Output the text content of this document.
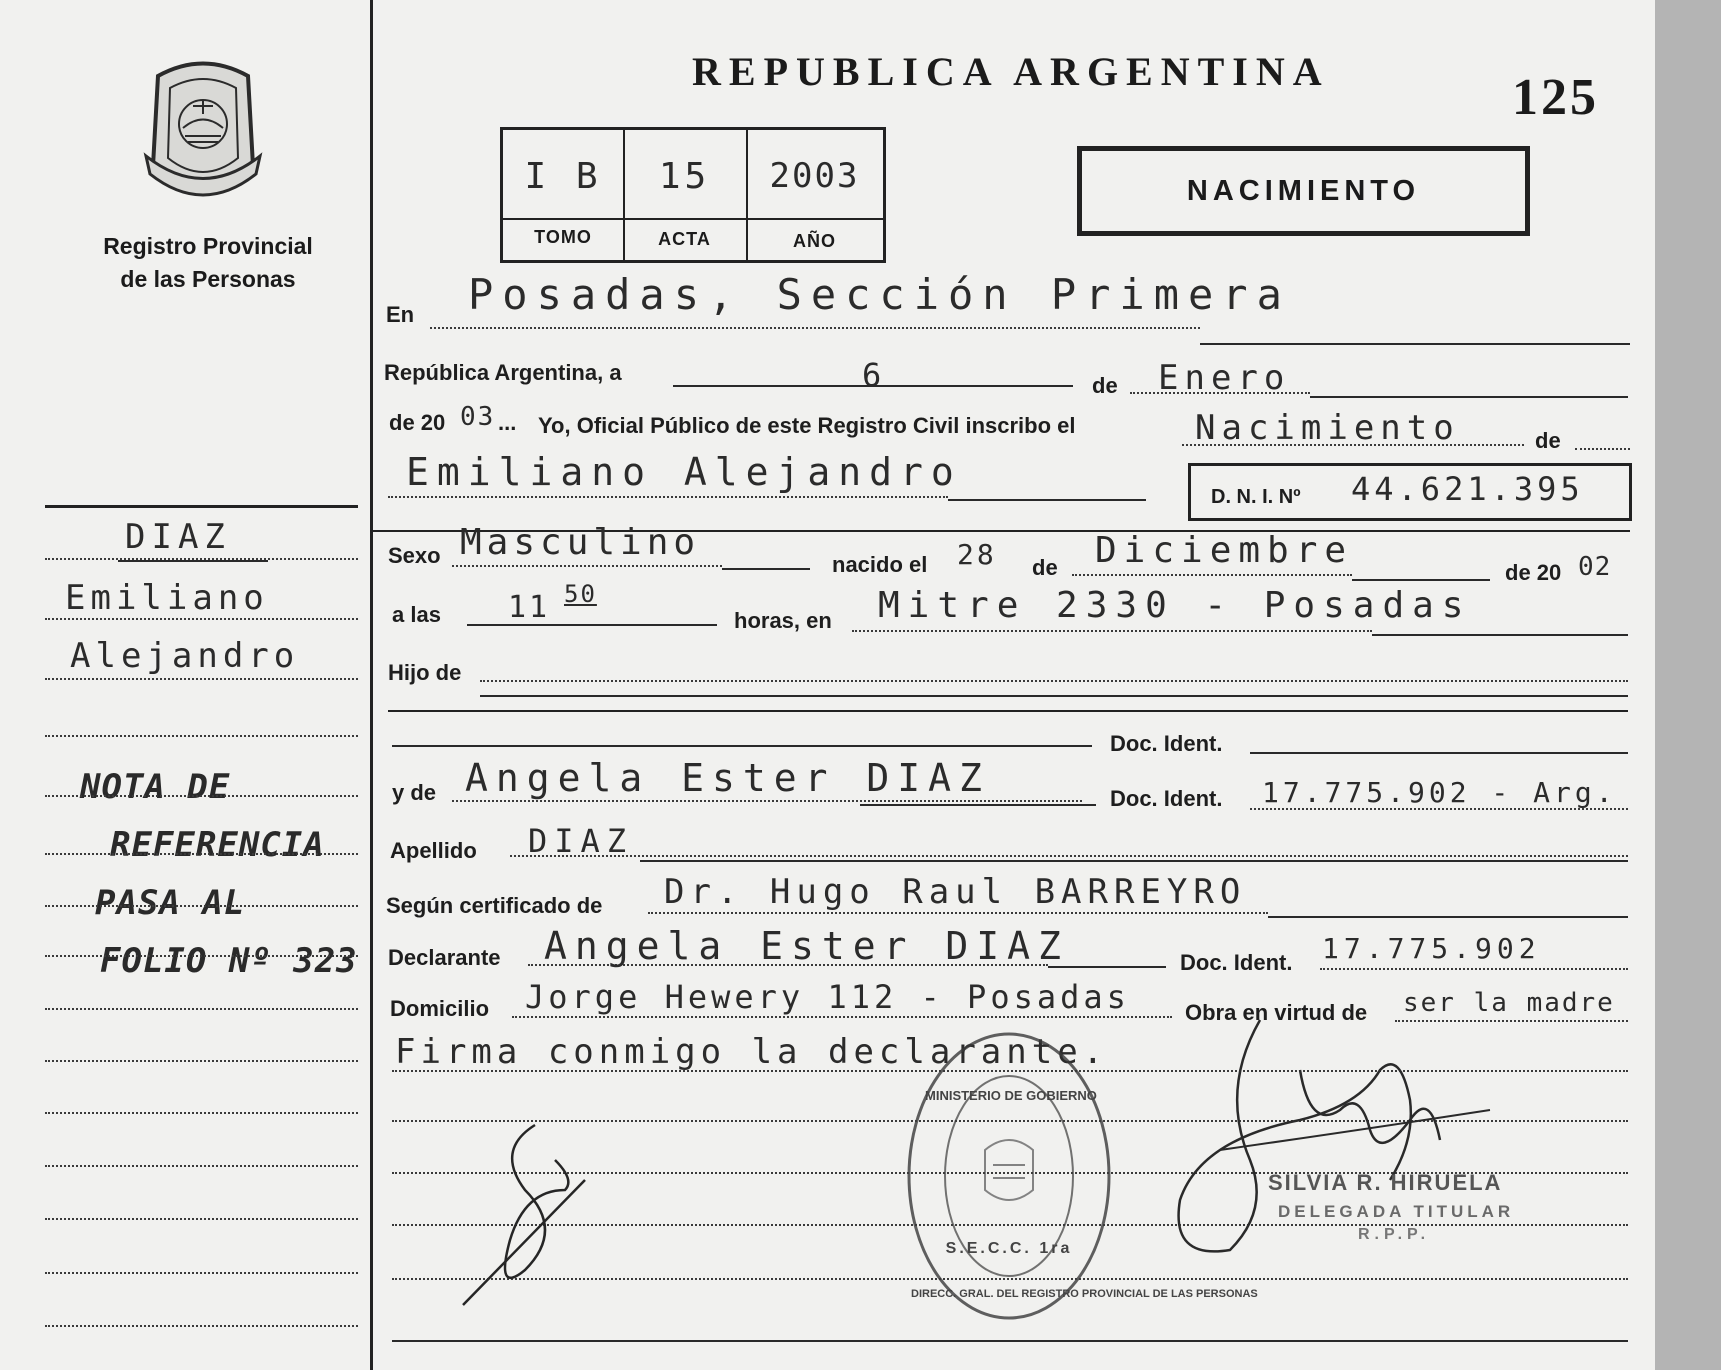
Registro Provincial
de las Personas
DIAZ
Emiliano
Alejandro
NOTA DE
REFERENCIA
PASA AL
FOLIO Nº 323
REPUBLICA ARGENTINA	125
I B	15	2003
TOMO	ACTA	AÑO
NACIMIENTO
En Posadas, Sección Primera
República Argentina, a	6	de Enero
de 20 03 ... Yo, Oficial Público de este Registro Civil inscribo el	Nacimiento	de
Emiliano Alejandro
D. N. I. Nº 44.621.395
Sexo Masculino
nacido el 28 de Diciembre
de 20 02
a las 11 50
horas, en Mitre 2330 - Posadas
Hijo de
Doc. Ident.
y de Angela Ester DIAZ	Doc. Ident. 17.775.902 - Arg.
Apellido DIAZ
Según certificado de Dr. Hugo Raul BARREYRO
Declarante Angela Ester DIAZ	Doc. Ident. 17.775.902
Domicilio Jorge Hewery 112 - Posadas	Obra en virtud de ser la madre
Firma conmigo la declarante.
DIRECC. GRAL. DEL REGISTRO PROVINCIAL DE LAS PERSONAS
MINISTERIO DE GOBIERNO
S.E.C.C. 1ra
SILVIA R. HIRUELA
DELEGADA TITULAR
R.P.P.
